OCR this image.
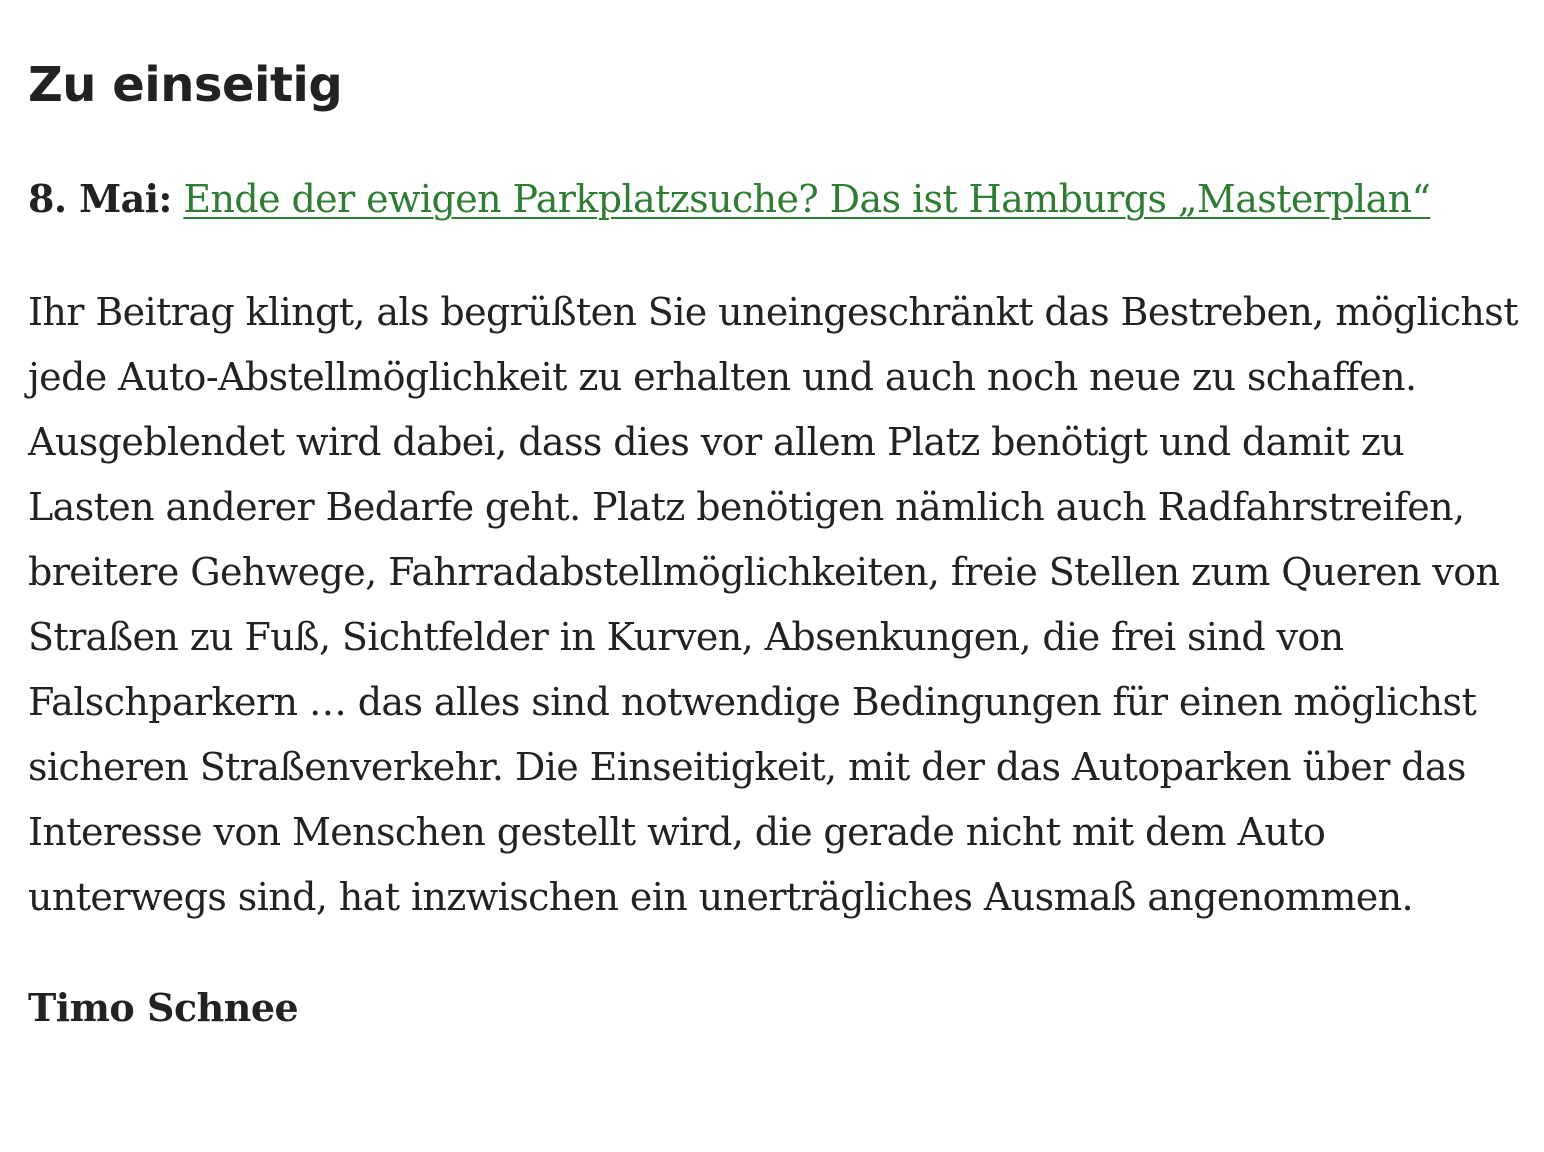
Zu einseitig

8. Mai: Ende der ewigen Parkplatzsuche? Das ist Hamburgs „Masterplan“

Ihr Beitrag klingt, als begrüßten Sie uneingeschränkt das Bestreben, möglichst jede Auto-Abstellmöglichkeit zu erhalten und auch noch neue zu schaffen. Ausgeblendet wird dabei, dass dies vor allem Platz benötigt und damit zu Lasten anderer Bedarfe geht. Platz benötigen nämlich auch Radfahrstreifen, breitere Gehwege, Fahrradabstellmöglichkeiten, freie Stellen zum Queren von Straßen zu Fuß, Sichtfelder in Kurven, Absenkungen, die frei sind von Falschparkern … das alles sind notwendige Bedingungen für einen möglichst sicheren Straßenverkehr. Die Einseitigkeit, mit der das Autoparken über das Interesse von Menschen gestellt wird, die gerade nicht mit dem Auto unterwegs sind, hat inzwischen ein unerträgliches Ausmaß angenommen.

Timo Schnee
